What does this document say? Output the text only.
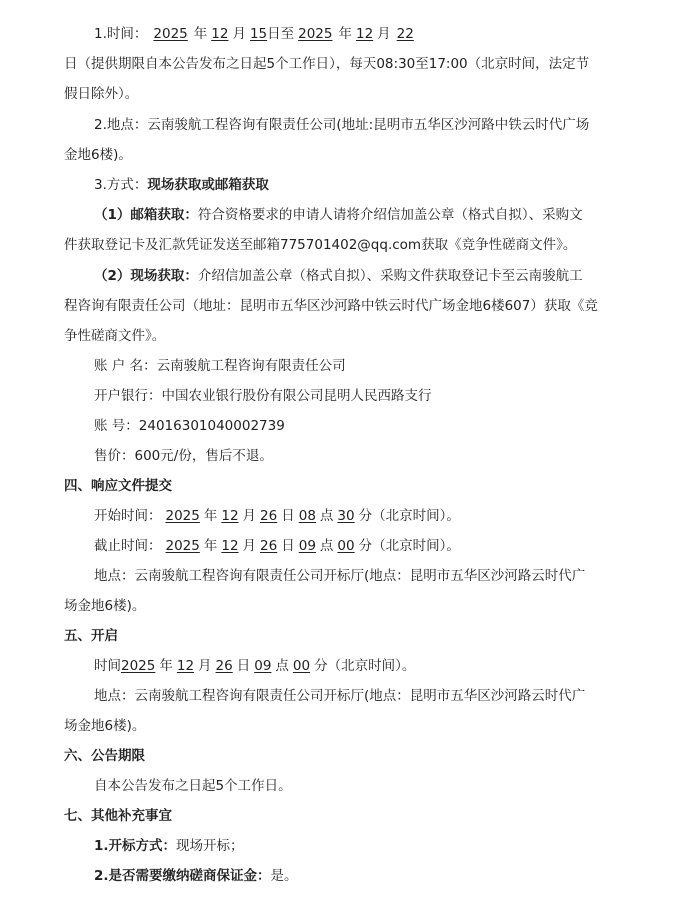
1.时间： 2025 年 12 月 15日至 2025 年 12 月 22
日（提供期限自本公告发布之日起5个工作日），每天08:30至17:00（北京时间，法定节
假日除外）。
2.地点：云南骏航工程咨询有限责任公司(地址:昆明市五华区沙河路中铁云时代广场
金地6楼)。
3.方式：现场获取或邮箱获取
（1）邮箱获取：符合资格要求的申请人请将介绍信加盖公章（格式自拟）、采购文
件获取登记卡及汇款凭证发送至邮箱775701402@qq.com获取《竞争性磋商文件》。
（2）现场获取：介绍信加盖公章（格式自拟）、采购文件获取登记卡至云南骏航工
程咨询有限责任公司（地址：昆明市五华区沙河路中铁云时代广场金地6楼607）获取《竞
争性磋商文件》。
账 户 名：云南骏航工程咨询有限责任公司
开户银行：中国农业银行股份有限公司昆明人民西路支行
账 号：24016301040002739
售价：600元/份，售后不退。
四、响应文件提交
开始时间： 2025 年 12 月 26 日 08 点 30 分（北京时间）。
截止时间： 2025 年 12 月 26 日 09 点 00 分（北京时间）。
地点：云南骏航工程咨询有限责任公司开标厅(地点：昆明市五华区沙河路云时代广
场金地6楼)。
五、开启
时间2025 年 12 月 26 日 09 点 00 分（北京时间）。
地点：云南骏航工程咨询有限责任公司开标厅(地点：昆明市五华区沙河路云时代广
场金地6楼)。
六、公告期限
自本公告发布之日起5个工作日。
七、其他补充事宜
1.开标方式：现场开标；
2.是否需要缴纳磋商保证金：是。
